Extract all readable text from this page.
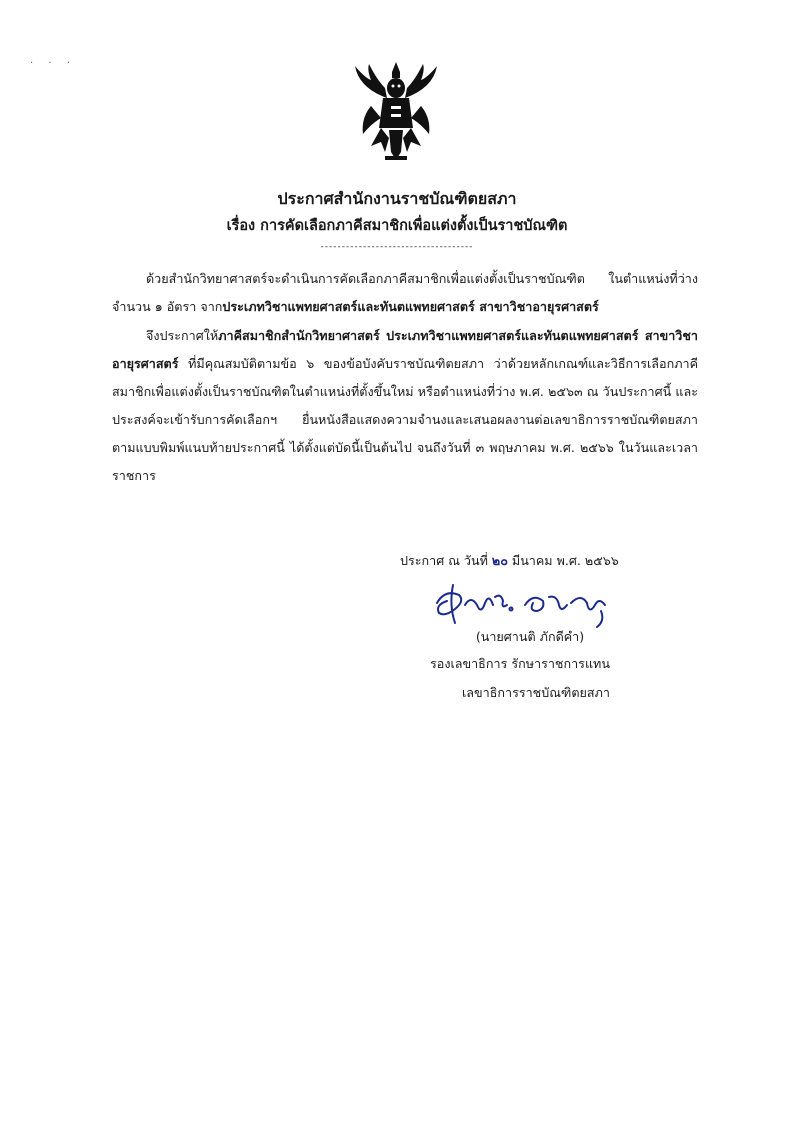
· · ·
ประกาศสำนักงานราชบัณฑิตยสภา
เรื่อง การคัดเลือกภาคีสมาชิกเพื่อแต่งตั้งเป็นราชบัณฑิต
------------------------------------
ด้วยสำนักวิทยาศาสตร์จะดำเนินการคัดเลือกภาคีสมาชิกเพื่อแต่งตั้งเป็นราชบัณฑิต ในตำแหน่งที่ว่าง จำนวน ๑ อัตรา จากประเภทวิชาแพทยศาสตร์และทันตแพทยศาสตร์ สาขาวิชาอายุรศาสตร์
จึงประกาศให้ภาคีสมาชิกสำนักวิทยาศาสตร์ ประเภทวิชาแพทยศาสตร์และทันตแพทยศาสตร์ สาขาวิชาอายุรศาสตร์ ที่มีคุณสมบัติตามข้อ ๖ ของข้อบังคับราชบัณฑิตยสภา ว่าด้วยหลักเกณฑ์และวิธีการเลือกภาคีสมาชิกเพื่อแต่งตั้งเป็นราชบัณฑิตในตำแหน่งที่ตั้งขึ้นใหม่ หรือตำแหน่งที่ว่าง พ.ศ. ๒๕๖๓ ณ วันประกาศนี้ และประสงค์จะเข้ารับการคัดเลือกฯ ยื่นหนังสือแสดงความจำนงและเสนอผลงานต่อเลขาธิการราชบัณฑิตยสภาตามแบบพิมพ์แนบท้ายประกาศนี้ ได้ตั้งแต่บัดนี้เป็นต้นไป จนถึงวันที่ ๓ พฤษภาคม พ.ศ. ๒๕๖๖ ในวันและเวลาราชการ
ประกาศ ณ วันที่ ๒๐ มีนาคม พ.ศ. ๒๕๖๖
(นายศานติ ภักดีคำ)
รองเลขาธิการ รักษาราชการแทน
เลขาธิการราชบัณฑิตยสภา
